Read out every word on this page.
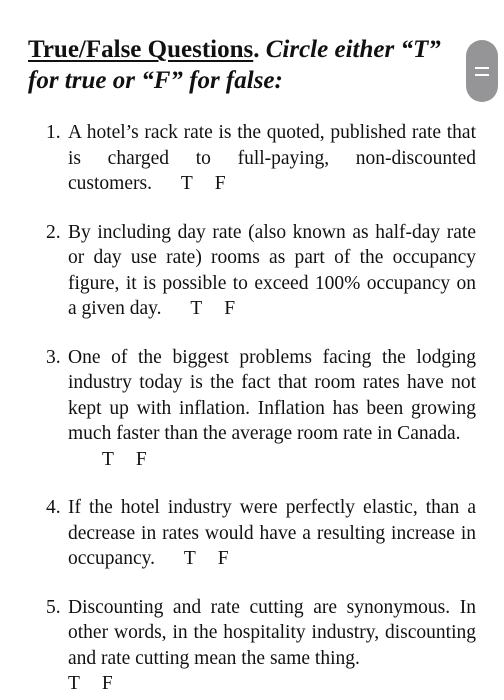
True/False Questions. Circle either “T” for true or “F” for false:
1. A hotel’s rack rate is the quoted, published rate that is charged to full-paying, non-discounted customers. T F
2. By including day rate (also known as half-day rate or day use rate) rooms as part of the occupancy figure, it is possible to exceed 100% occupancy on a given day. T F
3. One of the biggest problems facing the lodging industry today is the fact that room rates have not kept up with inflation. Inflation has been growing much faster than the average room rate in Canada.
T F
4. If the hotel industry were perfectly elastic, than a decrease in rates would have a resulting increase in occupancy. T F
5. Discounting and rate cutting are synonymous. In other words, in the hospitality industry, discounting and rate cutting mean the same thing.
T F
